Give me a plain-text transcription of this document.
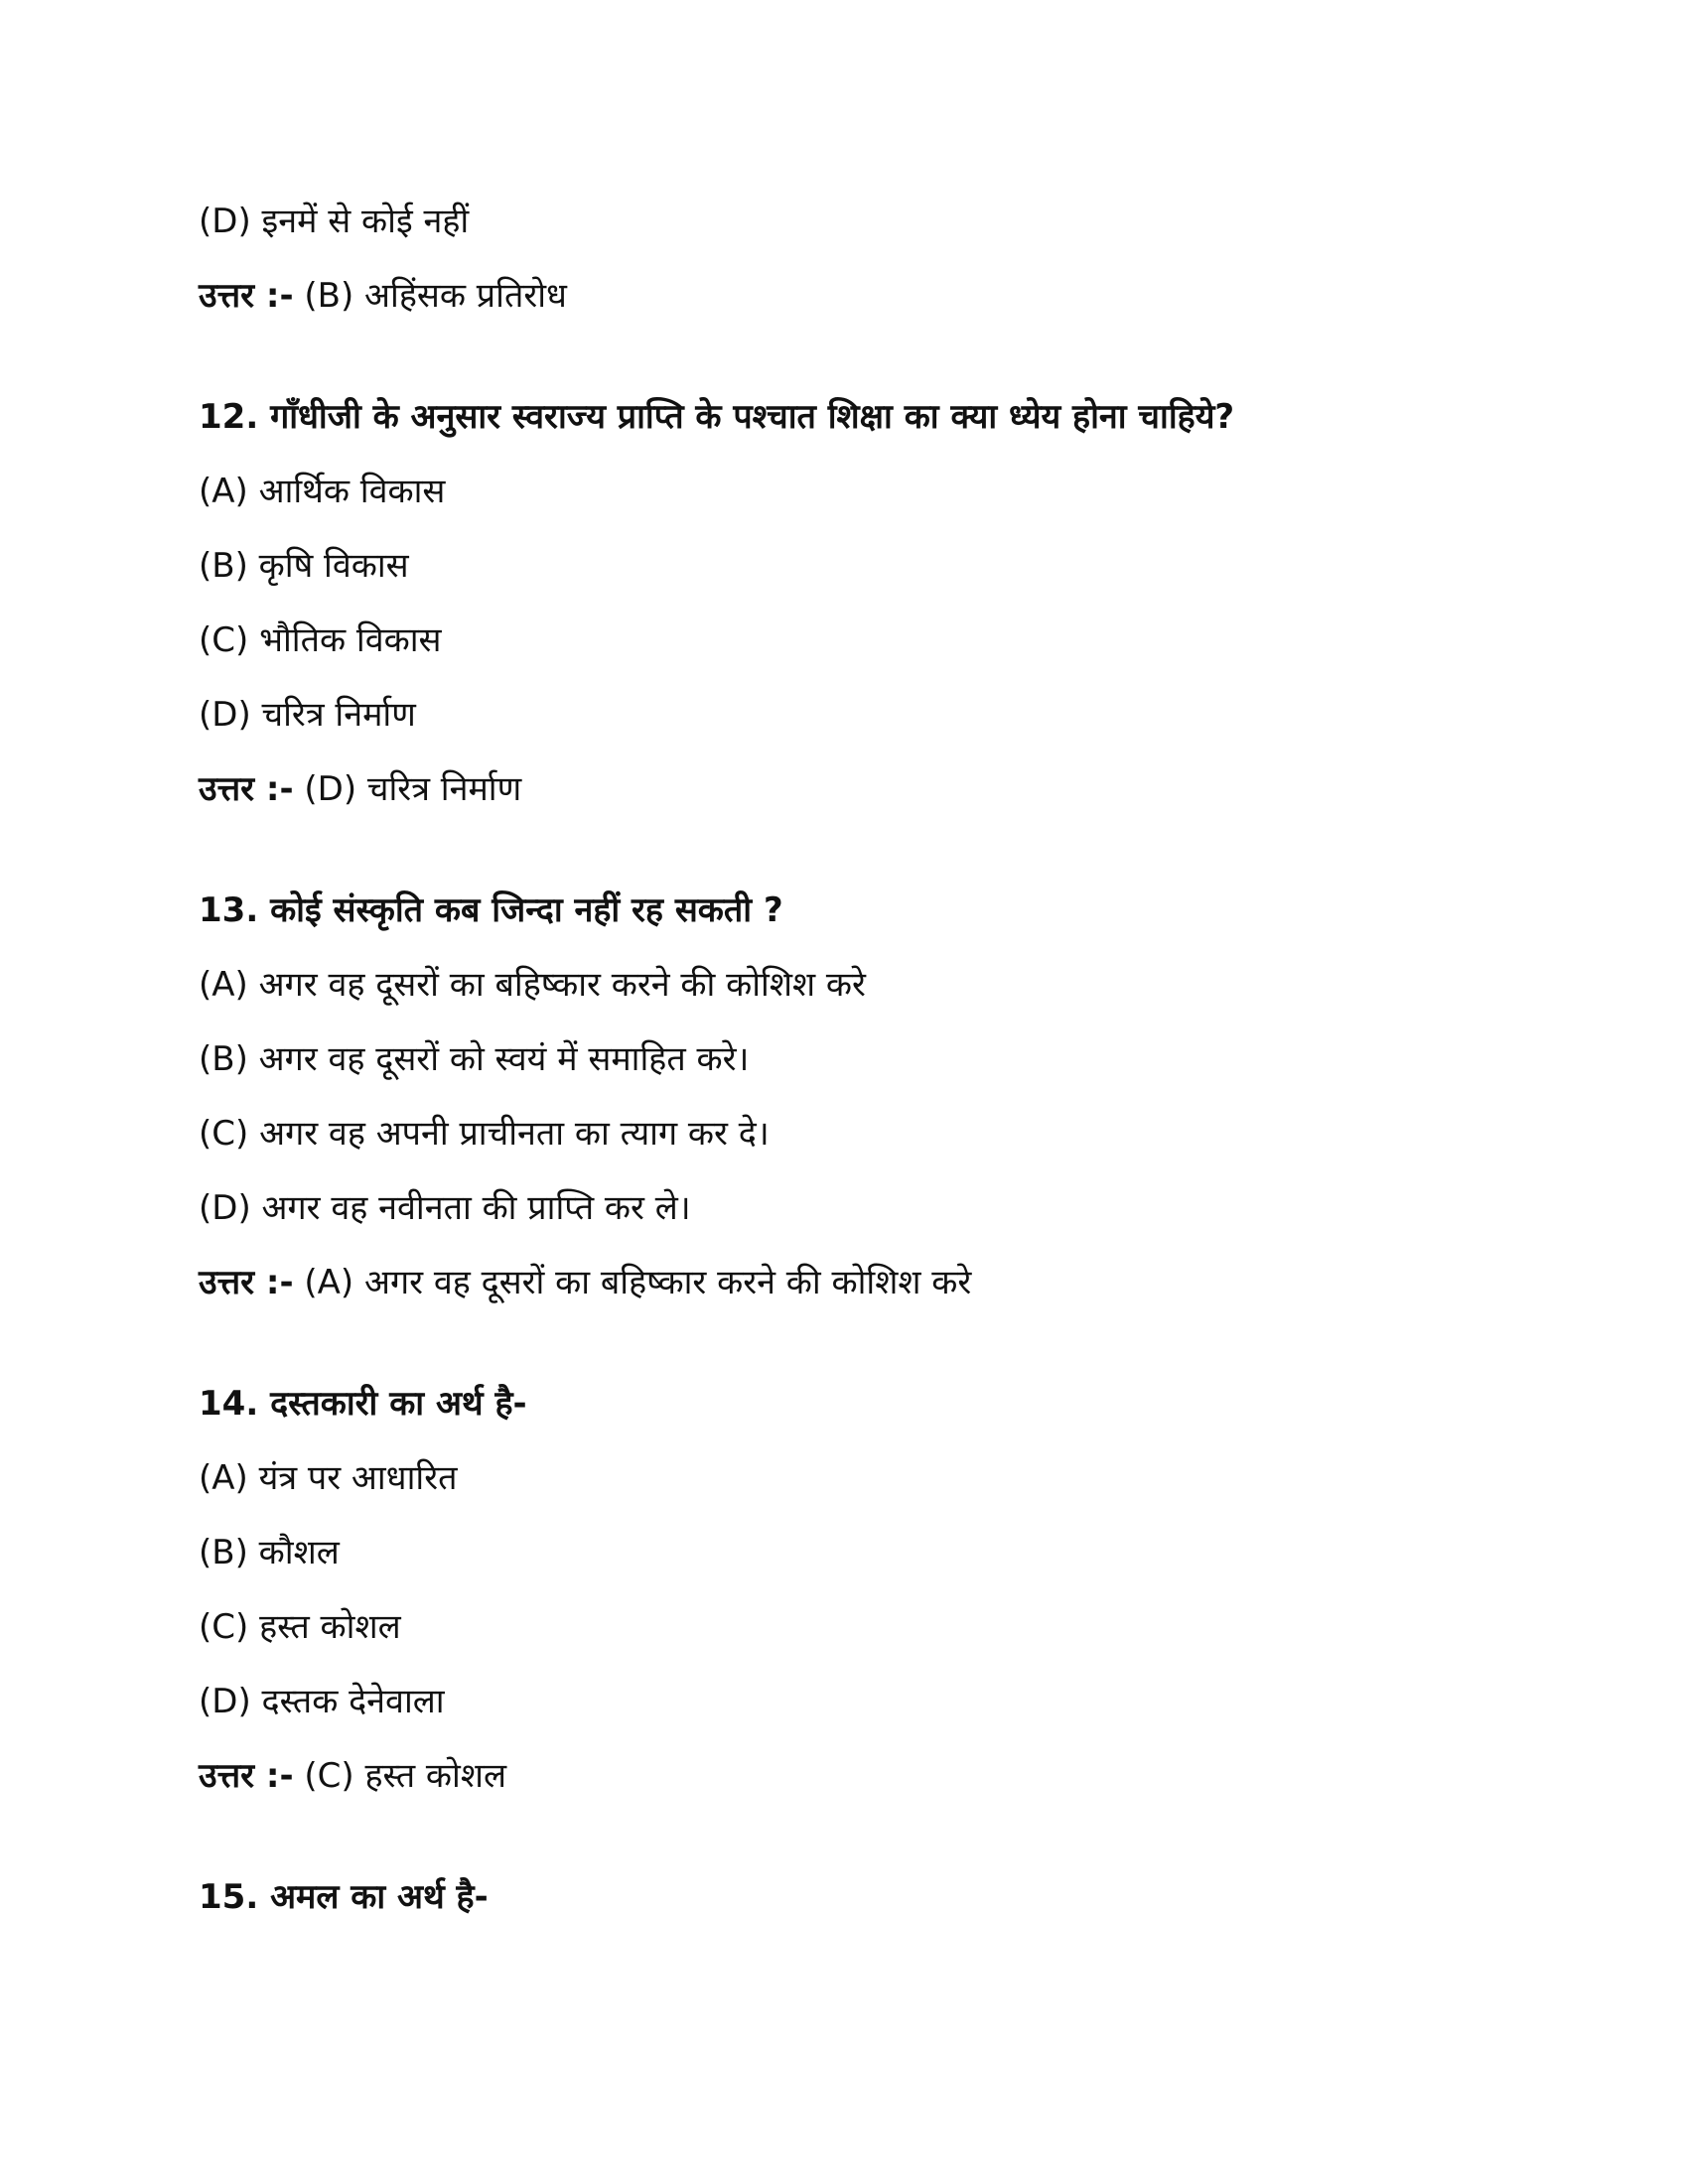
(D) इनमें से कोई नहीं
उत्तर :- (B) अहिंसक प्रतिरोध
12. गाँधीजी के अनुसार स्वराज्य प्राप्ति के पश्चात शिक्षा का क्या ध्येय होना चाहिये?
(A) आर्थिक विकास
(B) कृषि विकास
(C) भौतिक विकास
(D) चरित्र निर्माण
उत्तर :- (D) चरित्र निर्माण
13. कोई संस्कृति कब जिन्दा नहीं रह सकती ?
(A) अगर वह दूसरों का बहिष्कार करने की कोशिश करे
(B) अगर वह दूसरों को स्वयं में समाहित करे।
(C) अगर वह अपनी प्राचीनता का त्याग कर दे।
(D) अगर वह नवीनता की प्राप्ति कर ले।
उत्तर :- (A) अगर वह दूसरों का बहिष्कार करने की कोशिश करे
14. दस्तकारी का अर्थ है-
(A) यंत्र पर आधारित
(B) कौशल
(C) हस्त कोशल
(D) दस्तक देनेवाला
उत्तर :- (C) हस्त कोशल
15. अमल का अर्थ है-
